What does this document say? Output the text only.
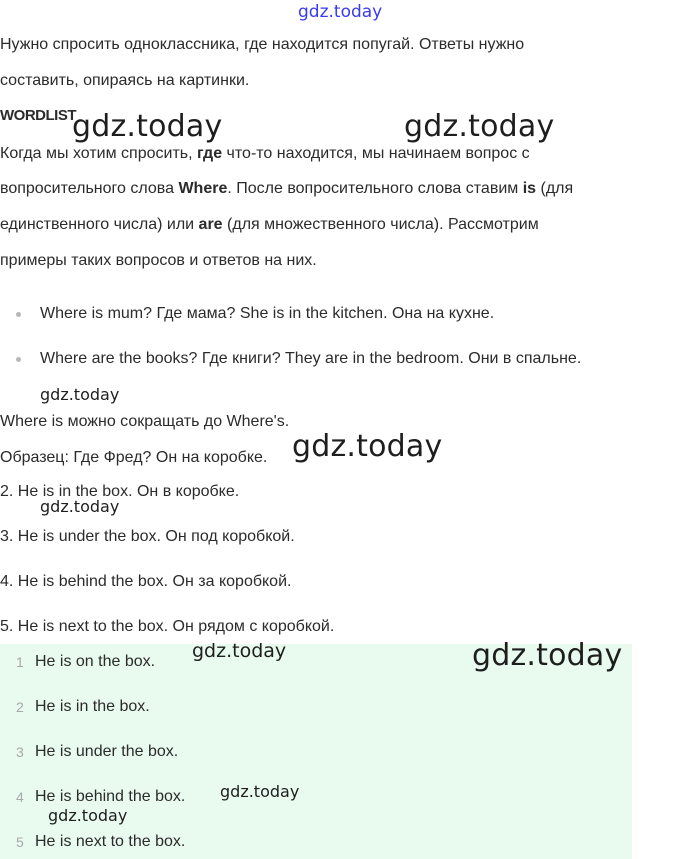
gdz.today
Нужно спросить одноклассника, где находится попугай. Ответы нужно
составить, опираясь на картинки.
WORDLIST
gdz.today	gdz.today
Когда мы хотим спросить, где что-то находится, мы начинаем вопрос с
вопросительного слова Where. После вопросительного слова ставим is (для
единственного числа) или are (для множественного числа). Рассмотрим
примеры таких вопросов и ответов на них.
Where is mum? Где мама? She is in the kitchen. Она на кухне.
Where are the books? Где книги? They are in the bedroom. Они в спальне.
gdz.today
Where is можно сокращать до Where's.
Образец: Где Фред? Он на коробке. gdz.today
2. He is in the box. Он в коробке.
gdz.today
3. He is under the box. Он под коробкой.
4. He is behind the box. Он за коробкой.
5. He is next to the box. Он рядом с коробкой.
1 He is on the box.
2 He is in the box.
3 He is under the box.
4 He is behind the box.
5 He is next to the box.
gdz.today	gdz.today
gdz.today
gdz.today
